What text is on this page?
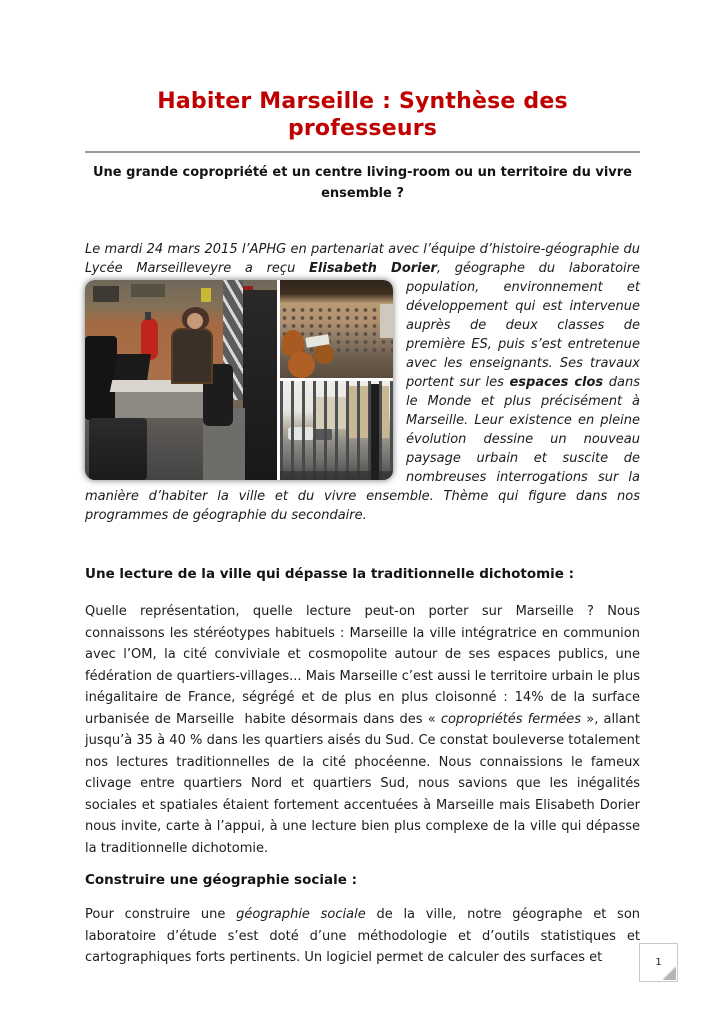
Habiter Marseille : Synthèse des professeurs
Une grande copropriété et un centre living-room ou un territoire du vivre ensemble ?

Le mardi 24 mars 2015 l’APHG en partenariat avec l’équipe d’histoire-géographie du Lycée Marseilleveyre a reçu Elisabeth Dorier, géographe du laboratoire

population, environnement et développement qui est intervenue auprès de deux classes de première ES, puis s’est entretenue avec les enseignants. Ses travaux portent sur les espaces clos dans le Monde et plus précisément à Marseille. Leur existence en pleine évolution dessine un nouveau paysage urbain et suscite de nombreuses interrogations sur la manière d’habiter la ville et du vivre ensemble. Thème qui figure dans nos programmes de géographie du secondaire.

Une lecture de la ville qui dépasse la traditionnelle dichotomie :

Quelle représentation, quelle lecture peut-on porter sur Marseille ? Nous connaissons les stéréotypes habituels : Marseille la ville intégratrice en communion avec l’OM, la cité conviviale et cosmopolite autour de ses espaces publics, une fédération de quartiers-villages... Mais Marseille c’est aussi le territoire urbain le plus inégalitaire de France, ségrégé et de plus en plus cloisonné : 14% de la surface urbanisée de Marseille  habite désormais dans des « copropriétés fermées », allant jusqu’à 35 à 40 % dans les quartiers aisés du Sud. Ce constat bouleverse totalement nos lectures traditionnelles de la cité phocéenne. Nous connaissions le fameux clivage entre quartiers Nord et quartiers Sud, nous savions que les inégalités sociales et spatiales étaient fortement accentuées à Marseille mais Elisabeth Dorier nous invite, carte à l’appui, à une lecture bien plus complexe de la ville qui dépasse la traditionnelle dichotomie.

Construire une géographie sociale :

Pour construire une géographie sociale de la ville, notre géographe et son laboratoire d’étude s’est doté d’une méthodologie et d’outils statistiques et cartographiques forts pertinents. Un logiciel permet de calculer des surfaces et	1
